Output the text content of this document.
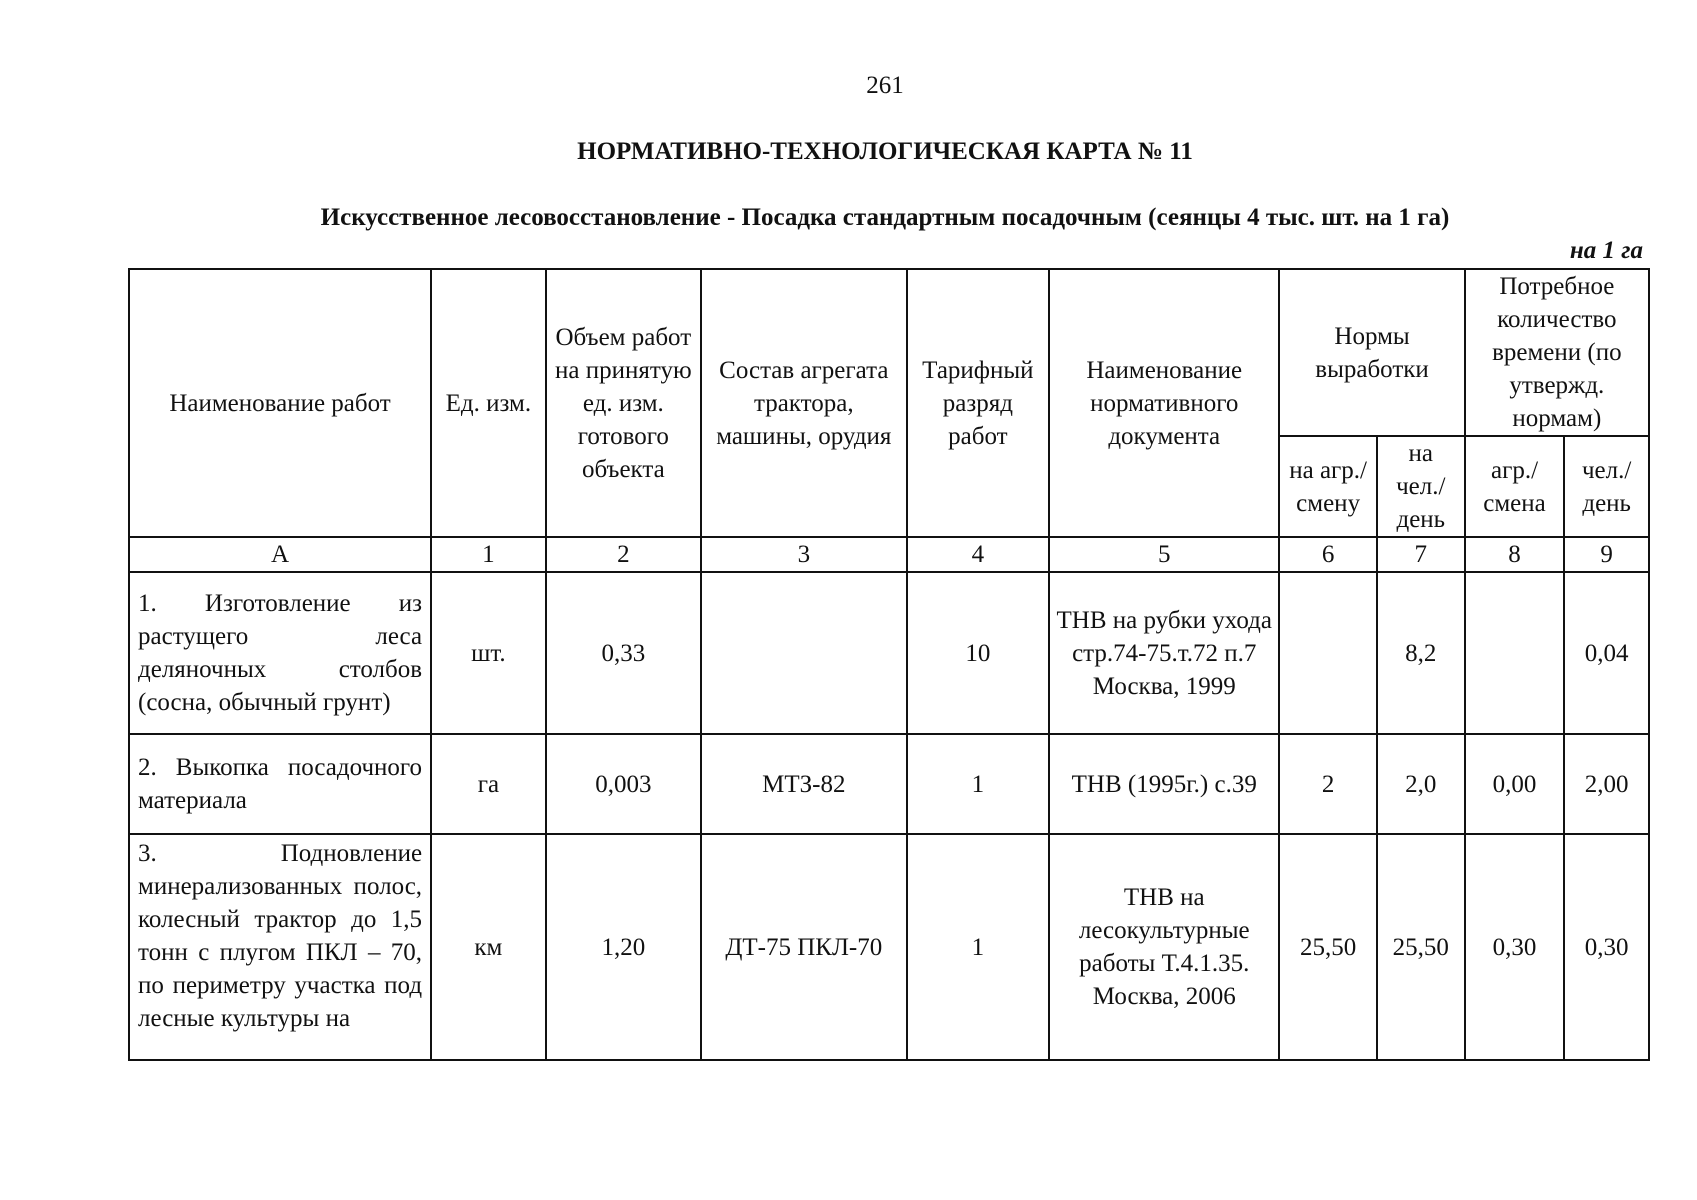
261
НОРМАТИВНО-ТЕХНОЛОГИЧЕСКАЯ КАРТА № 11
Искусственное лесовосстановление - Посадка стандартным посадочным (сеянцы 4 тыс. шт. на 1 га)
на 1 га
Наименование работ	Ед. изм.	Объем работ на принятую ед. изм. готового объекта	Состав агрегата трактора, машины, орудия	Тарифный разряд работ	Наименование нормативного документа	Нормы выработки		Потребное количество времени (по утвержд. нормам)	
						на агр./ смену	на чел./ день	агр./ смена	чел./ день
А	1	2	3	4	5	6	7	8	9
1. Изготовление из растущего леса деляночных столбов (сосна, обычный грунт)	шт.	0,33		10	ТНВ на рубки ухода стр.74-75.т.72 п.7 Москва, 1999		8,2		0,04
2. Выкопка посадочного материала	га	0,003	МТЗ-82	1	ТНВ (1995г.) с.39	2	2,0	0,00	2,00
3. Подновление минерализованных полос, колесный трактор до 1,5 тонн с плугом ПКЛ – 70, по периметру участка под лесные культуры на	км	1,20	ДТ-75 ПКЛ-70	1	ТНВ на лесокультурные работы Т.4.1.35. Москва, 2006	25,50	25,50	0,30	0,30
